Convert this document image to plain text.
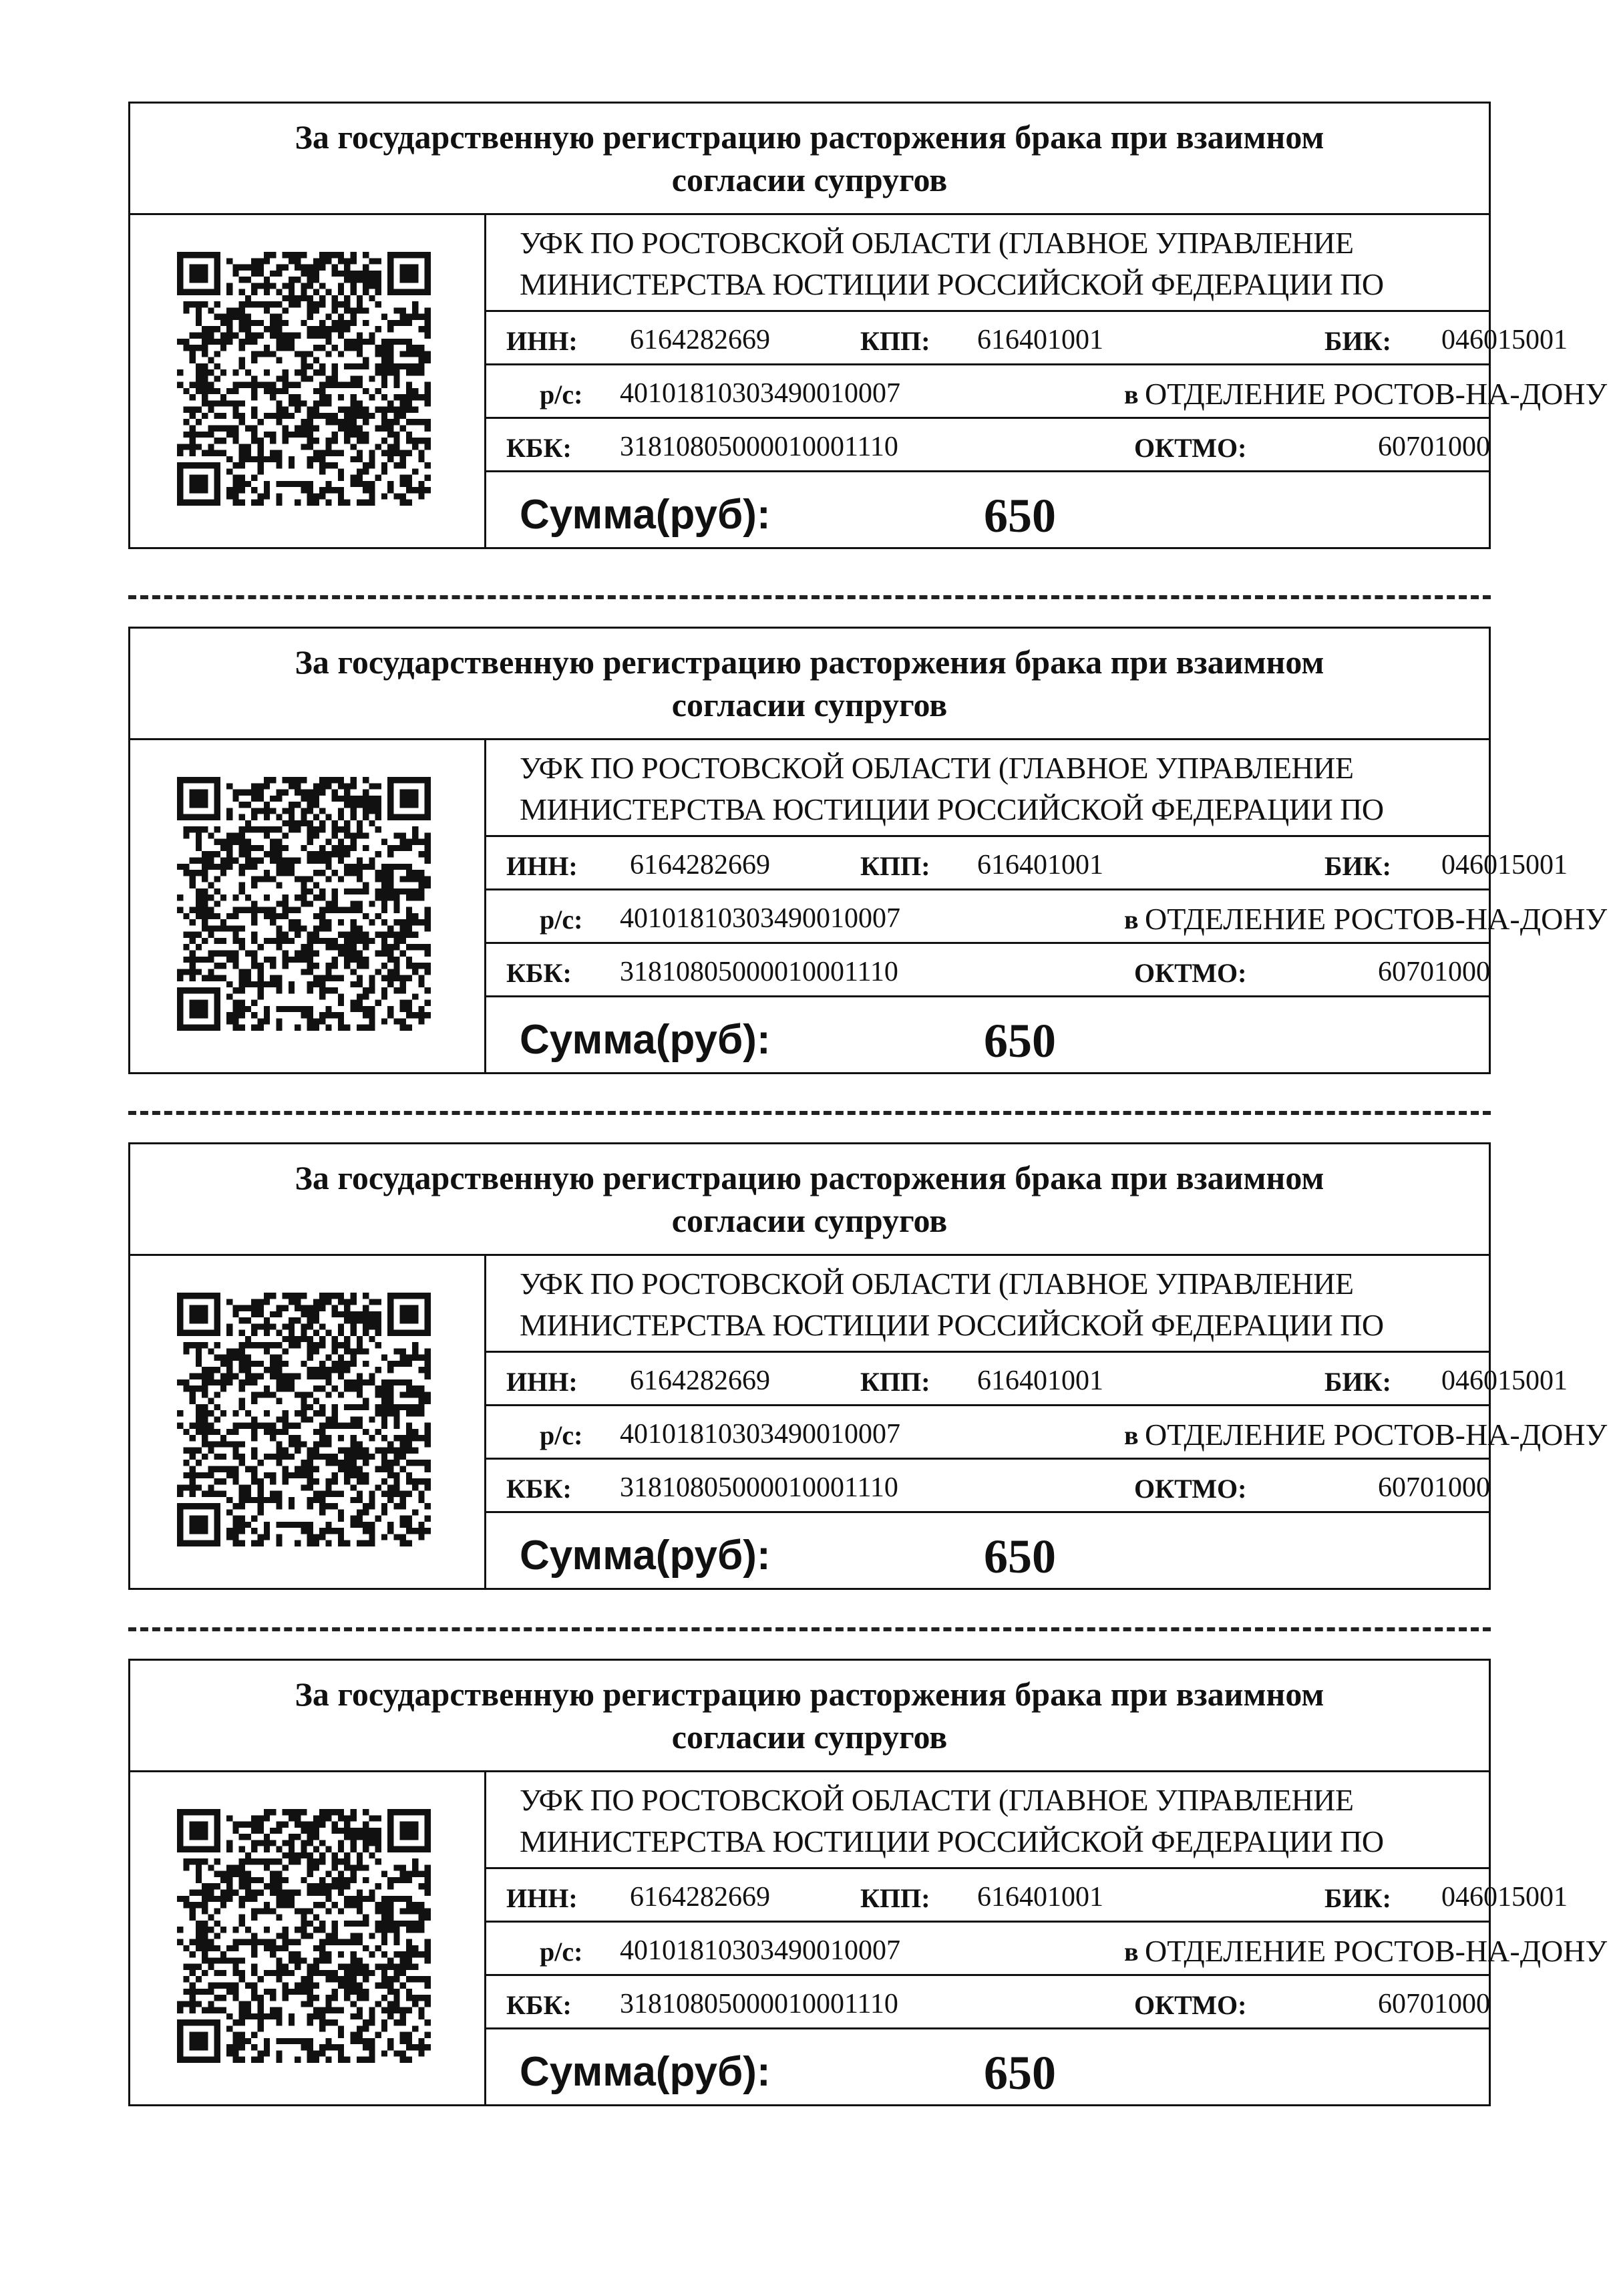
За государственную регистрацию расторжения брака при взаимном
согласии супругов
УФК ПО РОСТОВСКОЙ ОБЛАСТИ (ГЛАВНОЕ УПРАВЛЕНИЕ
МИНИСТЕРСТВА ЮСТИЦИИ РОССИЙСКОЙ ФЕДЕРАЦИИ ПО
ИНН: 6164282669	КПП: 616401001	БИК: 046015001
р/с: 40101810303490010007	в ОТДЕЛЕНИЕ РОСТОВ-НА-ДОНУ
КБК: 31810805000010001110	ОКТМО:	60701000
Сумма(руб):	650
За государственную регистрацию расторжения брака при взаимном
согласии супругов
УФК ПО РОСТОВСКОЙ ОБЛАСТИ (ГЛАВНОЕ УПРАВЛЕНИЕ
МИНИСТЕРСТВА ЮСТИЦИИ РОССИЙСКОЙ ФЕДЕРАЦИИ ПО
ИНН: 6164282669	КПП: 616401001	БИК: 046015001
р/с: 40101810303490010007	в ОТДЕЛЕНИЕ РОСТОВ-НА-ДОНУ
КБК: 31810805000010001110	ОКТМО:	60701000
Сумма(руб):	650
За государственную регистрацию расторжения брака при взаимном
согласии супругов
УФК ПО РОСТОВСКОЙ ОБЛАСТИ (ГЛАВНОЕ УПРАВЛЕНИЕ
МИНИСТЕРСТВА ЮСТИЦИИ РОССИЙСКОЙ ФЕДЕРАЦИИ ПО
ИНН: 6164282669	КПП: 616401001	БИК: 046015001
р/с: 40101810303490010007	в ОТДЕЛЕНИЕ РОСТОВ-НА-ДОНУ
КБК: 31810805000010001110	ОКТМО:	60701000
Сумма(руб):	650
За государственную регистрацию расторжения брака при взаимном
согласии супругов
УФК ПО РОСТОВСКОЙ ОБЛАСТИ (ГЛАВНОЕ УПРАВЛЕНИЕ
МИНИСТЕРСТВА ЮСТИЦИИ РОССИЙСКОЙ ФЕДЕРАЦИИ ПО
ИНН: 6164282669	КПП: 616401001	БИК: 046015001
р/с: 40101810303490010007	в ОТДЕЛЕНИЕ РОСТОВ-НА-ДОНУ
КБК: 31810805000010001110	ОКТМО:	60701000
Сумма(руб):	650
